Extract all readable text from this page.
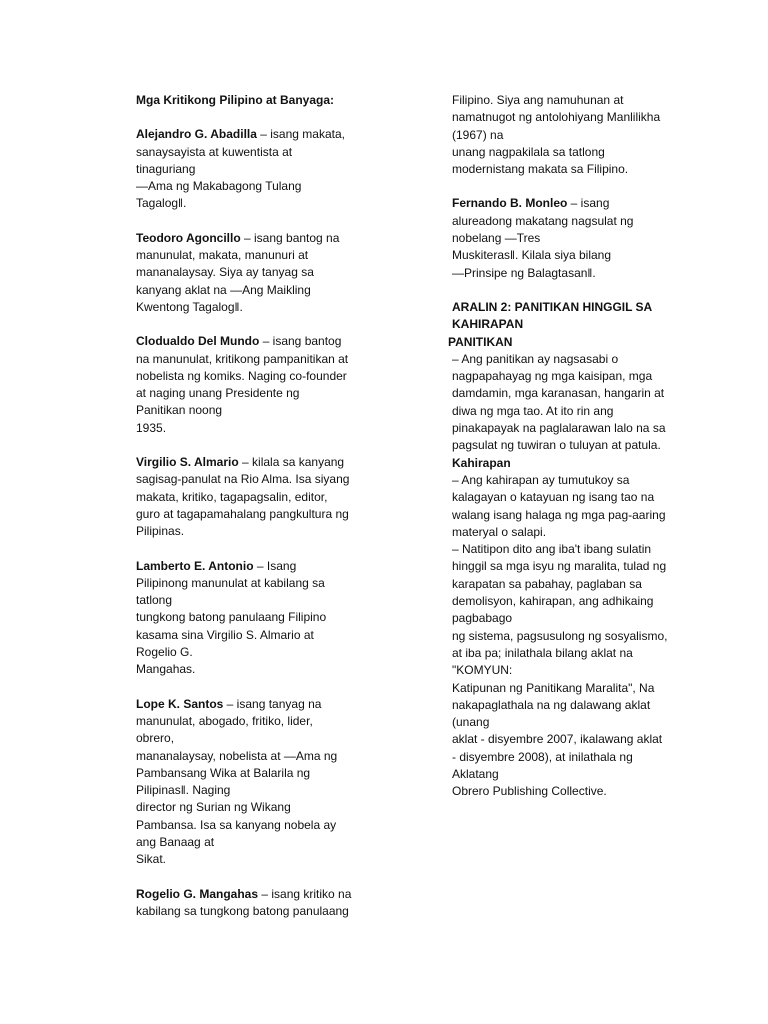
Mga Kritikong Pilipino at Banyaga:
Alejandro G. Abadilla – isang makata,
sanaysayista at kuwentista at
tinaguriang
―Ama ng Makabagong Tulang
Tagalog‖.
Teodoro Agoncillo – isang bantog na
manunulat, makata, manunuri at
mananalaysay. Siya ay tanyag sa
kanyang aklat na ―Ang Maikling
Kwentong Tagalog‖.
Clodualdo Del Mundo – isang bantog
na manunulat, kritikong pampanitikan at
nobelista ng komiks. Naging co-founder
at naging unang Presidente ng
Panitikan noong
1935.
Virgilio S. Almario – kilala sa kanyang
sagisag-panulat na Rio Alma. Isa siyang
makata, kritiko, tagapagsalin, editor,
guro at tagapamahalang pangkultura ng
Pilipinas.
Lamberto E. Antonio – Isang
Pilipinong manunulat at kabilang sa
tatlong
tungkong batong panulaang Filipino
kasama sina Virgilio S. Almario at
Rogelio G.
Mangahas.
Lope K. Santos – isang tanyag na
manunulat, abogado, fritiko, lider,
obrero,
mananalaysay, nobelista at ―Ama ng
Pambansang Wika at Balarila ng
Pilipinas‖. Naging
director ng Surian ng Wikang
Pambansa. Isa sa kanyang nobela ay
ang Banaag at
Sikat.
Rogelio G. Mangahas – isang kritiko na
kabilang sa tungkong batong panulaang
Filipino. Siya ang namuhunan at
namatnugot ng antolohiyang Manlilikha
(1967) na
unang nagpakilala sa tatlong
modernistang makata sa Filipino.
Fernando B. Monleo – isang
alureadong makatang nagsulat ng
nobelang ―Tres
Muskiteras‖. Kilala siya bilang
―Prinsipe ng Balagtasan‖.
ARALIN 2: PANITIKAN HINGGIL SA
KAHIRAPAN
PANITIKAN
– Ang panitikan ay nagsasabi o
nagpapahayag ng mga kaisipan, mga
damdamin, mga karanasan, hangarin at
diwa ng mga tao. At ito rin ang
pinakapayak na paglalarawan lalo na sa
pagsulat ng tuwiran o tuluyan at patula.
Kahirapan
– Ang kahirapan ay tumutukoy sa
kalagayan o katayuan ng isang tao na
walang isang halaga ng mga pag-aaring
materyal o salapi.
– Natitipon dito ang iba't ibang sulatin
hinggil sa mga isyu ng maralita, tulad ng
karapatan sa pabahay, paglaban sa
demolisyon, kahirapan, ang adhikaing
pagbabago
ng sistema, pagsusulong ng sosyalismo,
at iba pa; inilathala bilang aklat na
"KOMYUN:
Katipunan ng Panitikang Maralita", Na
nakapaglathala na ng dalawang aklat
(unang
aklat - disyembre 2007, ikalawang aklat
- disyembre 2008), at inilathala ng
Aklatang
Obrero Publishing Collective.
